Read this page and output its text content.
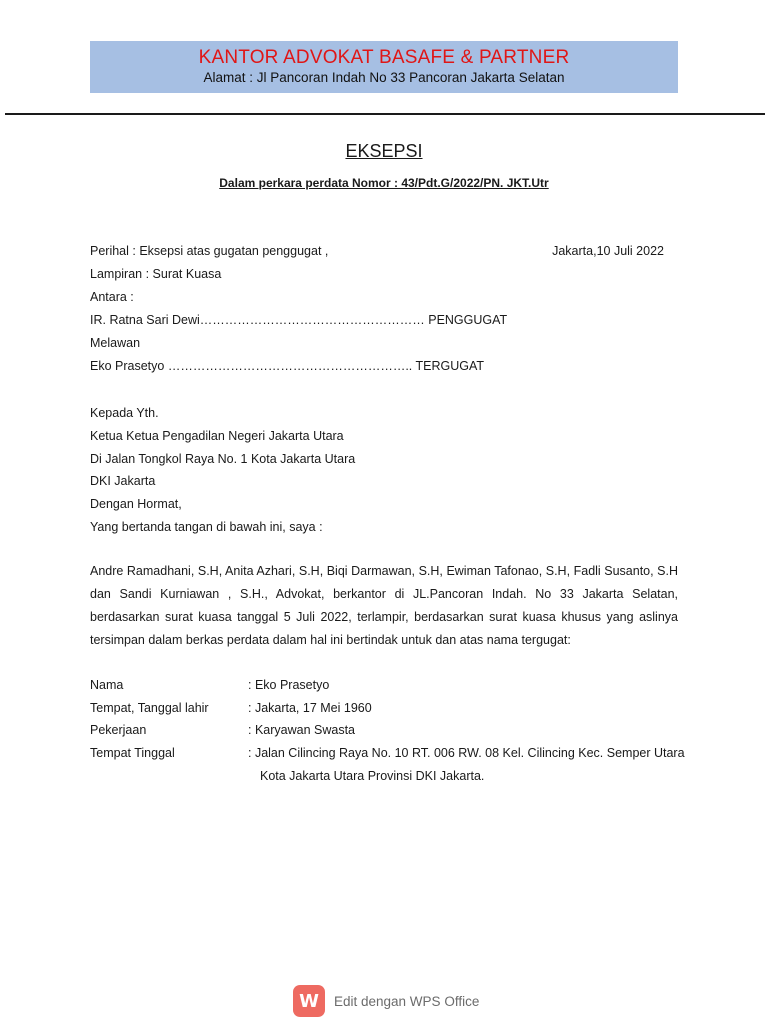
KANTOR ADVOKAT BASAFE & PARTNER
Alamat : Jl Pancoran Indah No 33 Pancoran Jakarta Selatan
EKSEPSI
Dalam perkara perdata Nomor : 43/Pdt.G/2022/PN. JKT.Utr
Perihal : Eksepsi atas gugatan penggugat ,	Jakarta,10 Juli 2022
Lampiran : Surat Kuasa
Antara :
IR. Ratna Sari Dewi……………………………………………… PENGGUGAT
Melawan
Eko Prasetyo ………………………………………………….. TERGUGAT
Kepada Yth.
Ketua Ketua Pengadilan Negeri Jakarta Utara
Di Jalan Tongkol Raya No. 1 Kota Jakarta Utara
DKI Jakarta
Dengan Hormat,
Yang bertanda tangan di bawah ini, saya :
Andre Ramadhani, S.H, Anita Azhari, S.H, Biqi Darmawan, S.H, Ewiman Tafonao, S.H, Fadli Susanto, S.H dan Sandi Kurniawan , S.H., Advokat, berkantor di JL.Pancoran Indah. No 33 Jakarta Selatan, berdasarkan surat kuasa tanggal 5 Juli 2022, terlampir, berdasarkan surat kuasa khusus yang aslinya tersimpan dalam berkas perdata dalam hal ini bertindak untuk dan atas nama tergugat:
Nama	: Eko Prasetyo
Tempat, Tanggal lahir	: Jakarta, 17 Mei 1960
Pekerjaan	: Karyawan Swasta
Tempat Tinggal	: Jalan Cilincing Raya No. 10 RT. 006 RW. 08 Kel. Cilincing Kec. Semper Utara
Kota Jakarta Utara Provinsi DKI Jakarta.
W	Edit dengan WPS Office
